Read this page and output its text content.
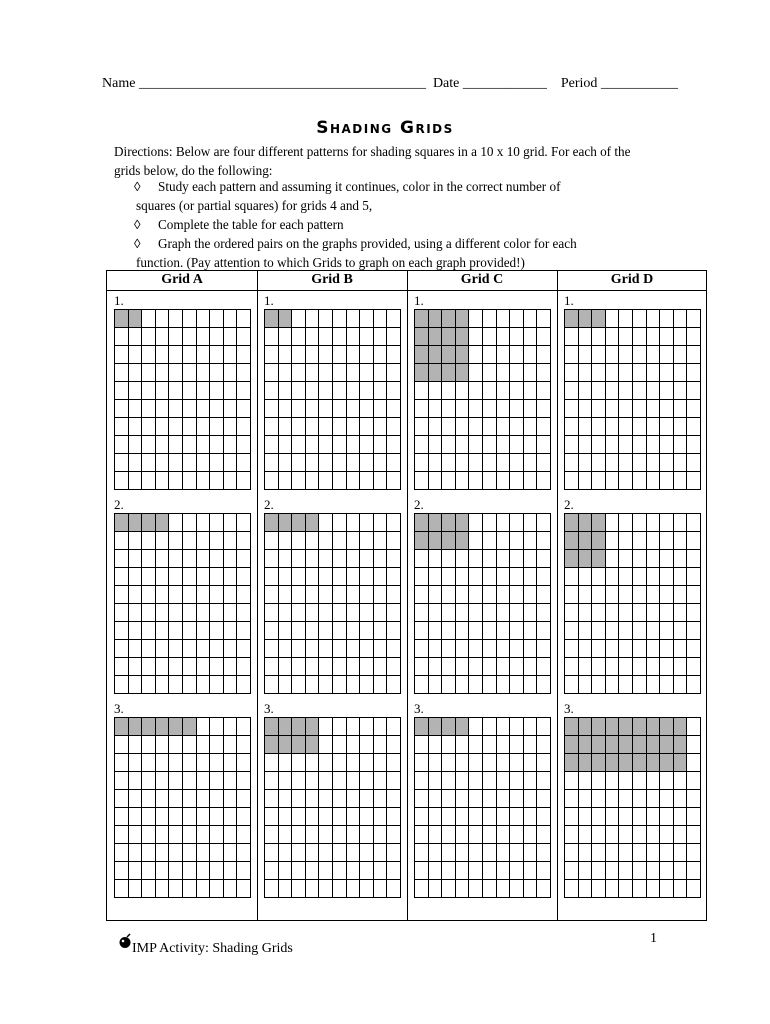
Name _________________________________________ Date ____________ Period ___________
Shading Grids
Directions: Below are four different patterns for shading squares in a 10 x 10 grid. For each of the grids below, do the following:
◊ Study each pattern and assuming it continues, color in the correct number of
squares (or partial squares) for grids 4 and 5,
◊ Complete the table for each pattern
◊ Graph the ordered pairs on the graphs provided, using a different color for each
function. (Pay attention to which Grids to graph on each graph provided!)
Grid A	Grid B	Grid C	Grid D
1.
2.
3.
1.
2.
3.
1.
2.
3.
1.
2.
3.
IMP Activity: Shading Grids
1
